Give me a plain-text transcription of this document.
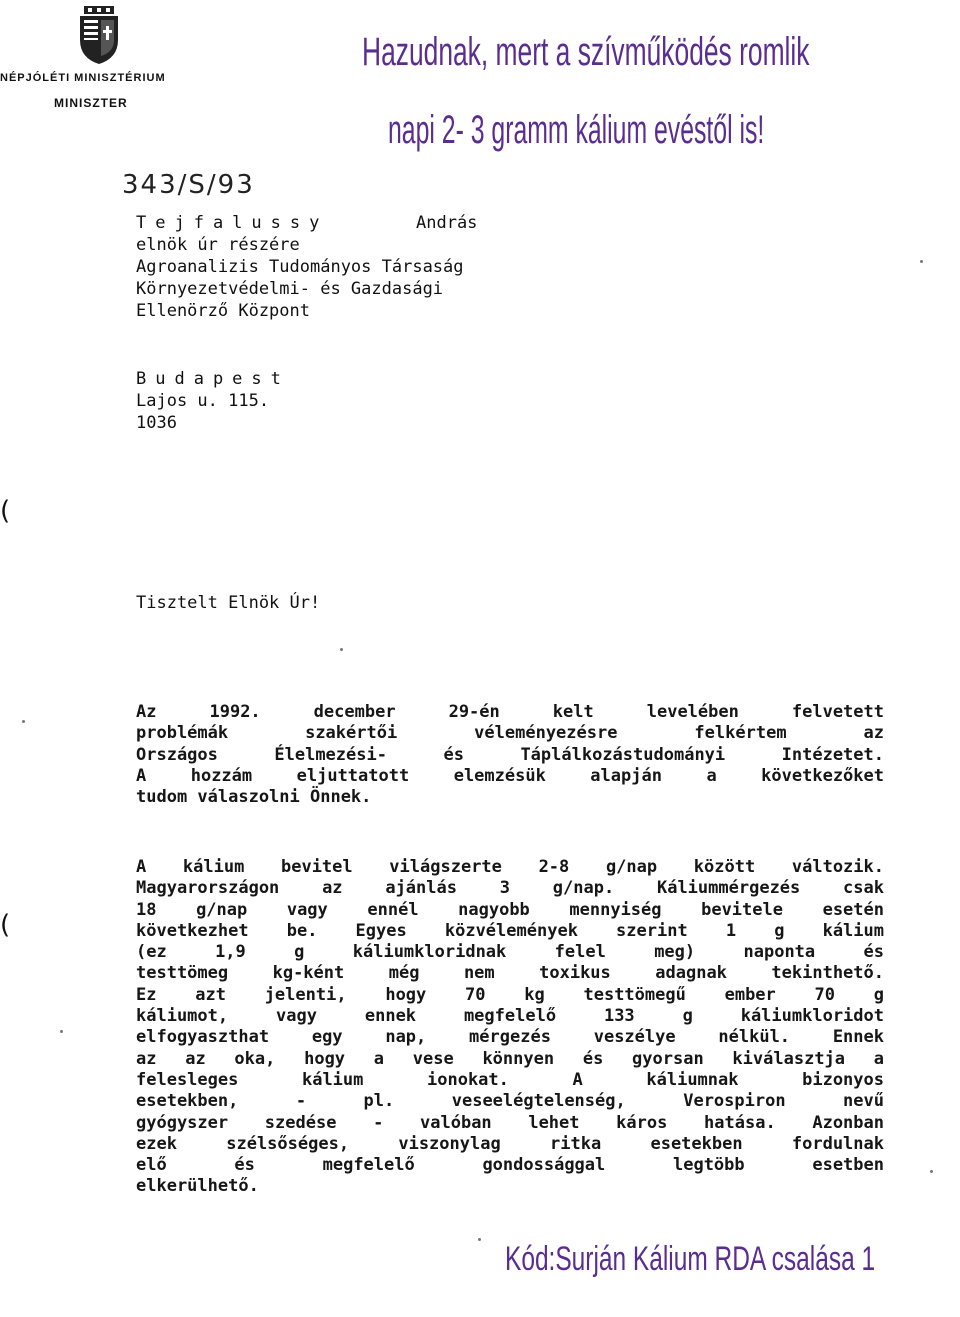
NÉPJÓLÉTI MINISZTÉRIUM
MINISZTER
Hazudnak, mert a szívműködés romlik
napi 2- 3 gramm kálium evéstől is!
343/S/93
Tejfalussy	András
elnök úr részére
Agroanalizis Tudományos Társaság
Környezetvédelmi- és Gazdasági
Ellenörző Központ
Budapest
Lajos u. 115.
1036
Tisztelt Elnök Úr!
Az 1992. december 29-én kelt levelében felvetett
problémák szakértői véleményezésre felkértem az
Országos Élelmezési- és Táplálkozástudományi Intézetet.
A hozzám eljuttatott elemzésük alapján a következőket
tudom válaszolni Önnek.
A kálium bevitel világszerte 2-8 g/nap között változik.
Magyarországon az ajánlás 3 g/nap. Káliummérgezés csak
18 g/nap vagy ennél nagyobb mennyiség bevitele esetén
következhet be. Egyes közvélemények szerint 1 g kálium
(ez 1,9 g káliumkloridnak felel meg) naponta és
testtömeg kg-ként még nem toxikus adagnak tekinthető.
Ez azt jelenti, hogy 70 kg testtömegű ember 70 g
káliumot, vagy ennek megfelelő 133 g káliumkloridot
elfogyaszthat egy nap, mérgezés veszélye nélkül. Ennek
az az oka, hogy a vese könnyen és gyorsan kiválasztja a
felesleges kálium ionokat. A káliumnak bizonyos
esetekben, - pl. veseelégtelenség, Verospiron nevű
gyógyszer szedése - valóban lehet káros hatása. Azonban
ezek szélsőséges, viszonylag ritka esetekben fordulnak
elő és megfelelő gondossággal legtöbb esetben
elkerülhető.
(
(
Kód:Surján Kálium RDA csalása 1
